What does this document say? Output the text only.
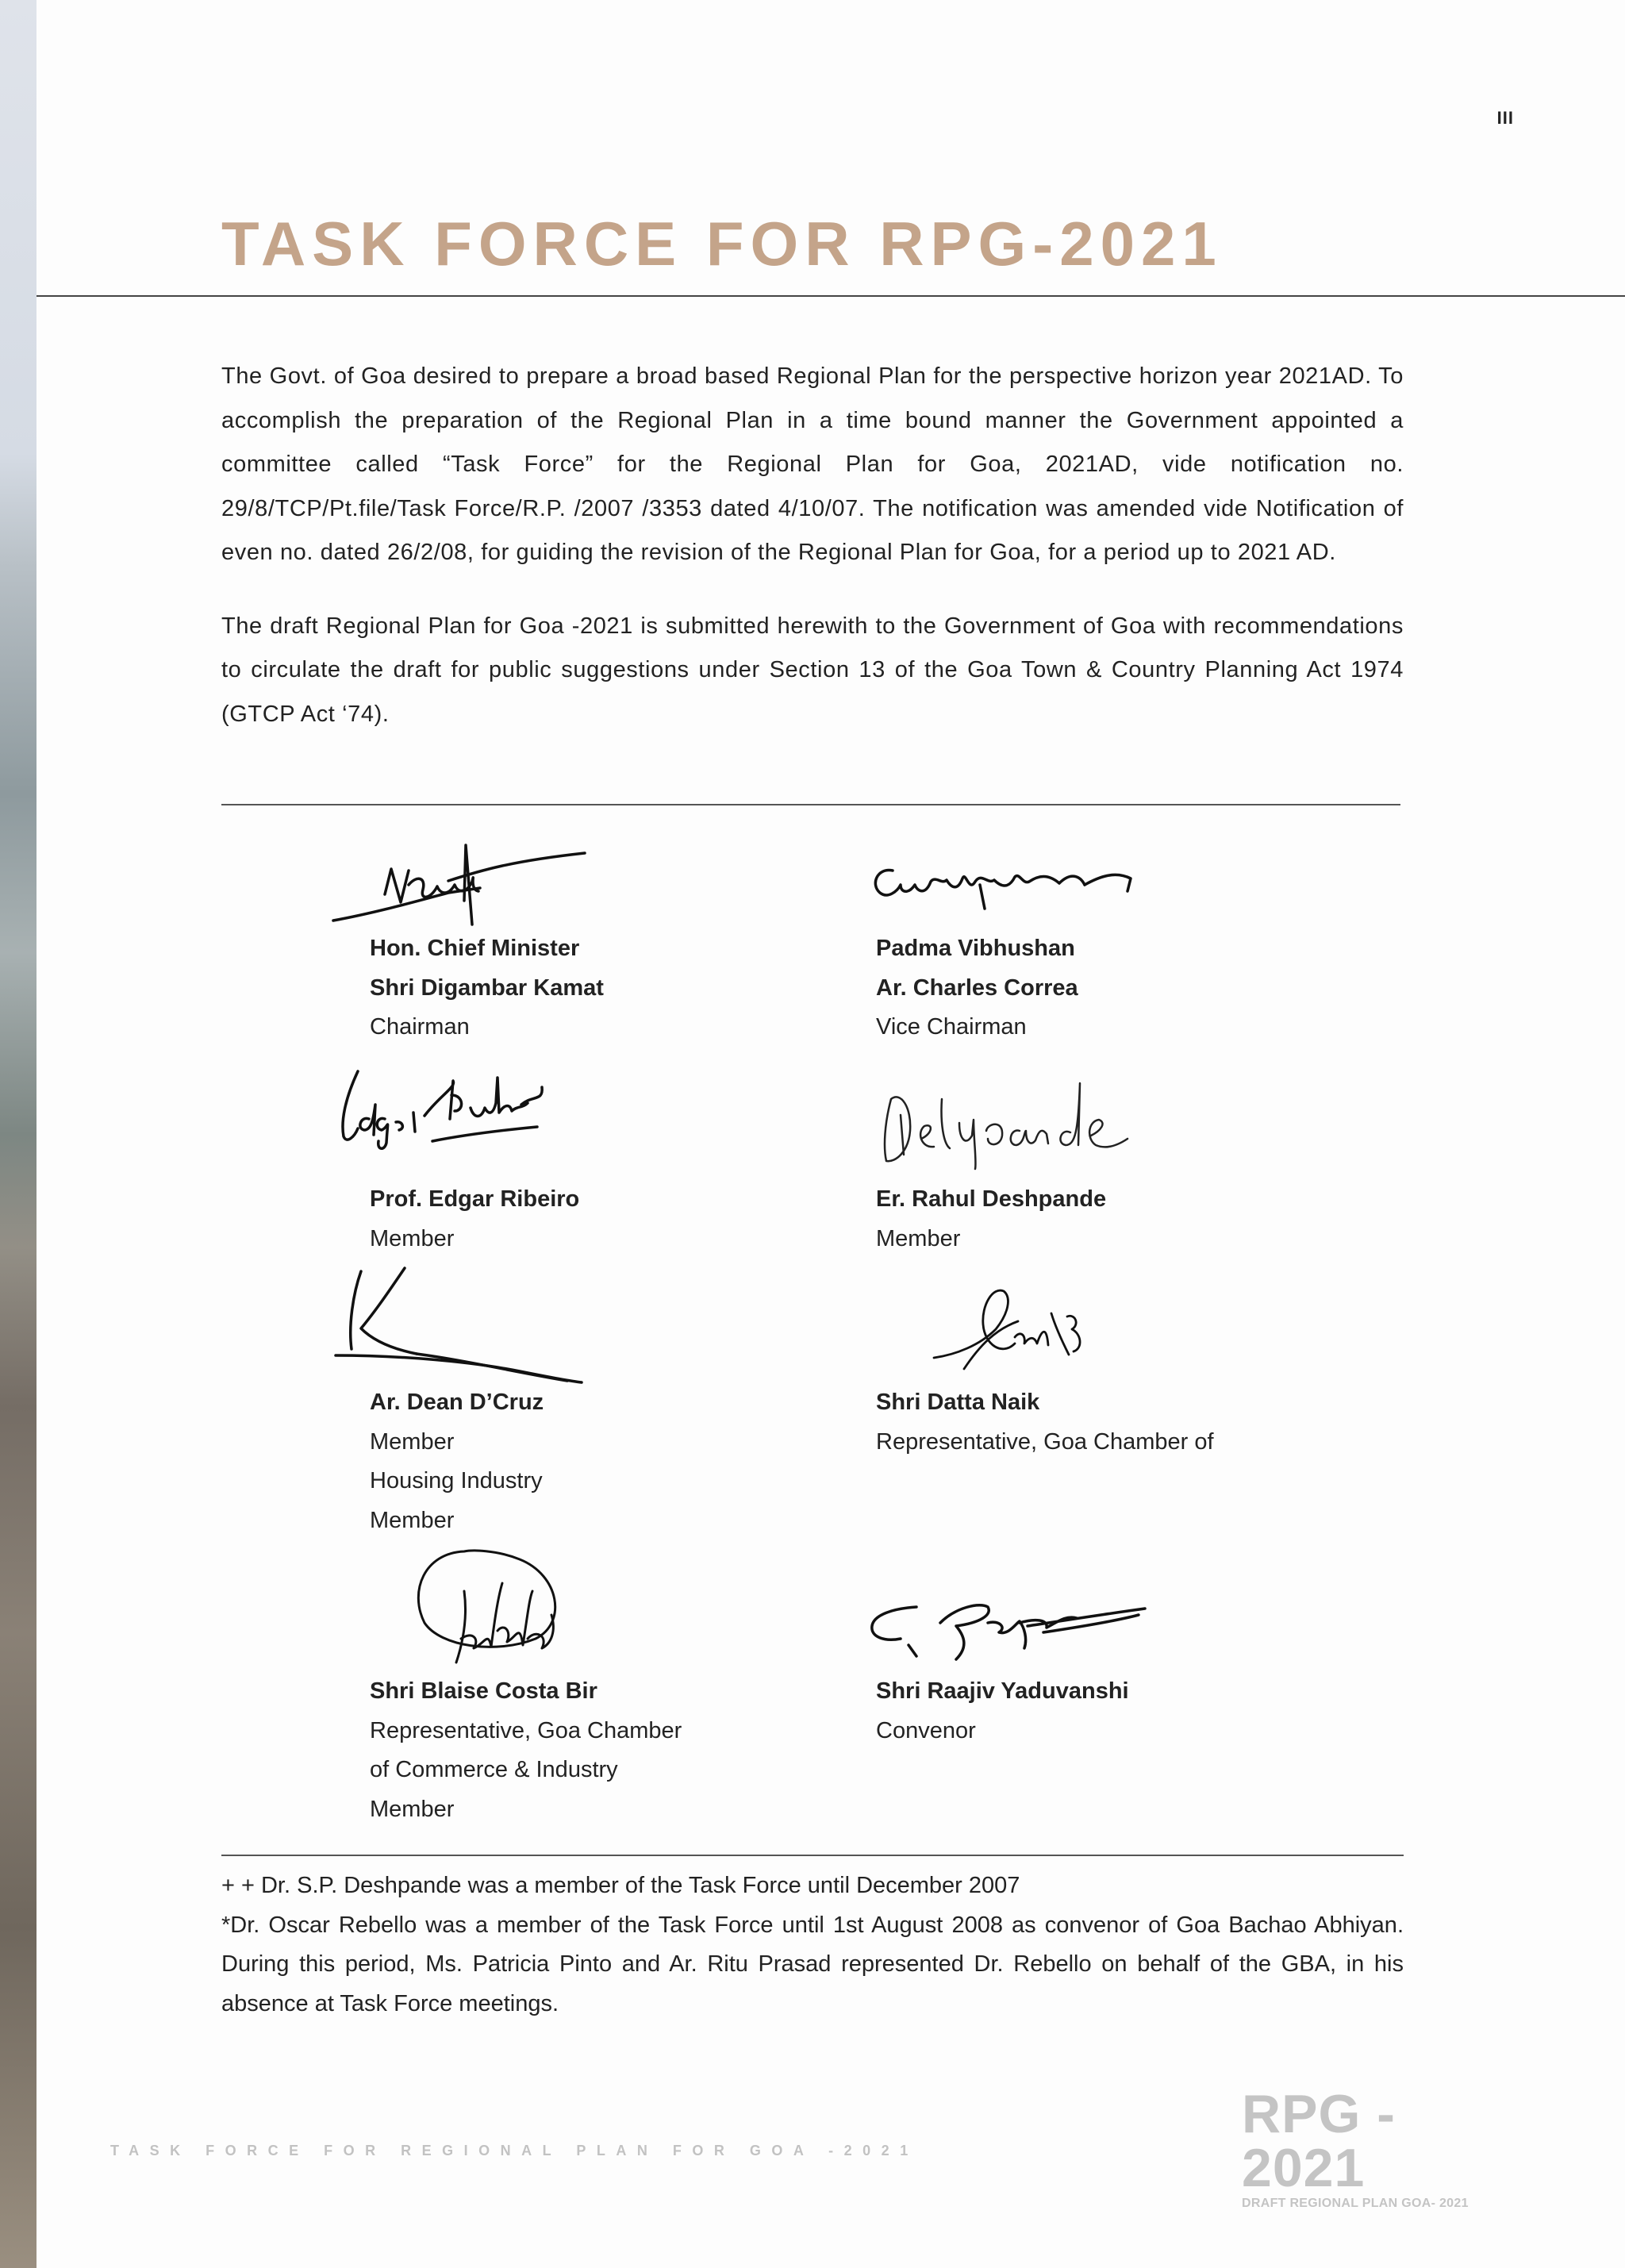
III
TASK FORCE FOR RPG-2021

The Govt. of Goa desired to prepare a broad based Regional Plan for the perspective horizon year 2021AD. To accomplish the preparation of the Regional Plan in a time bound manner the Government appointed a committee called “Task Force” for the Regional Plan for Goa, 2021AD, vide notification no. 29/8/TCP/Pt.file/Task Force/R.P. /2007 /3353 dated 4/10/07. The notification was amended vide Notification of even no. dated 26/2/08, for guiding the revision of the Regional Plan for Goa, for a period up to 2021 AD.

The draft Regional Plan for Goa -2021 is submitted herewith to the Government of Goa with recommendations to circulate the draft for public suggestions under Section 13 of the Goa Town & Country Planning Act 1974 (GTCP Act ‘74).

Hon. Chief Minister
Shri Digambar Kamat
Chairman
Padma Vibhushan
Ar. Charles Correa
Vice Chairman
Prof. Edgar Ribeiro
Member
Er. Rahul Deshpande
Member
Ar. Dean D’Cruz
Member
Housing Industry
Member
Shri Datta Naik
Representative, Goa Chamber of
Shri Blaise Costa Bir
Representative, Goa Chamber
of Commerce & Industry
Member
Shri Raajiv Yaduvanshi
Convenor

+ + Dr. S.P. Deshpande was a member of the Task Force until December 2007

*Dr. Oscar Rebello was a member of the Task Force until 1st August 2008 as convenor of Goa Bachao Abhiyan. During this period, Ms. Patricia Pinto and Ar. Ritu Prasad represented Dr. Rebello on behalf of the GBA, in his absence at Task Force meetings.

TASK FORCE FOR REGIONAL PLAN FOR GOA -2021
RPG - 2021
DRAFT REGIONAL PLAN GOA- 2021
